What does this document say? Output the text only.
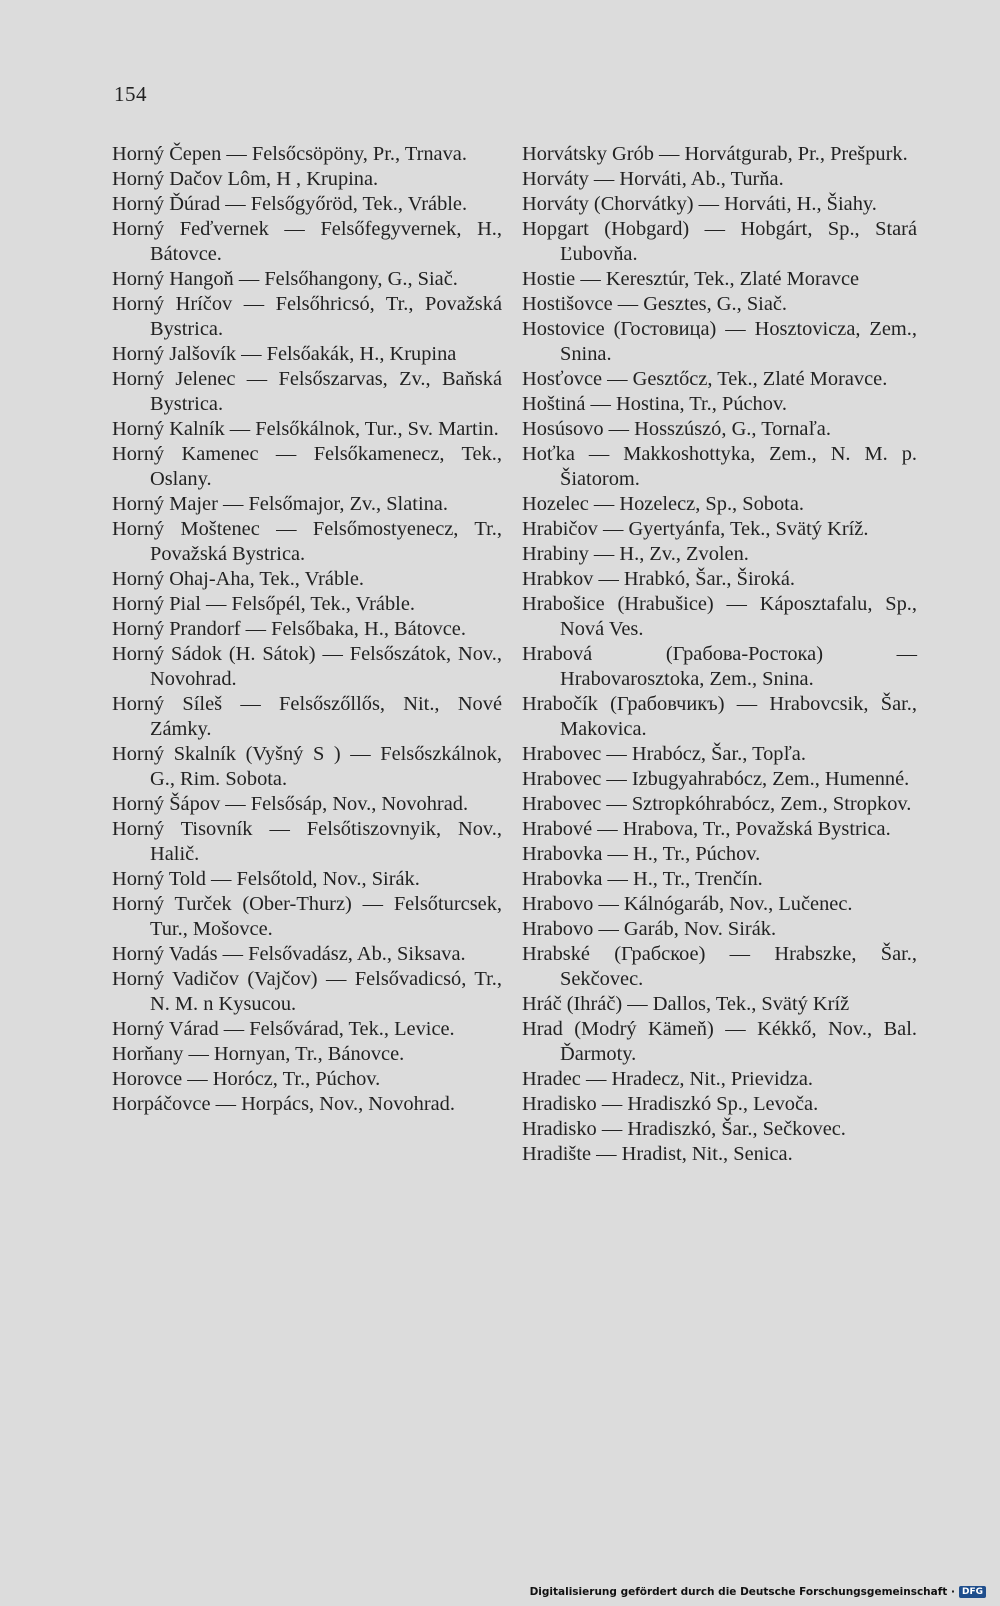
154

Horný Čepen — Felsőcsöpöny, Pr., Trnava.

Horný Dačov Lôm, H , Krupina.

Horný Ďúrad — Felsőgyőröd, Tek., Vráble.

Horný Feďvernek — Felsőfegyvernek, H., Bátovce.

Horný Hangoň — Felsőhangony, G., Siač.

Horný Hríčov — Felsőhricsó, Tr., Považská Bystrica.

Horný Jalšovík — Felsőakák, H., Krupina

Horný Jelenec — Felsőszarvas, Zv., Baňská Bystrica.

Horný Kalník — Felsőkálnok, Tur., Sv. Martin.

Horný Kamenec — Felsőkamenecz, Tek., Oslany.

Horný Majer — Felsőmajor, Zv., Slatina.

Horný Moštenec — Felsőmostyenecz, Tr., Považská Bystrica.

Horný Ohaj-Aha, Tek., Vráble.

Horný Pial — Felsőpél, Tek., Vráble.

Horný Prandorf — Felsőbaka, H., Bátovce.

Horný Sádok (H. Sátok) — Felsőszátok, Nov., Novohrad.

Horný Síleš — Felsőszőllős, Nit., Nové Zámky.

Horný Skalník (Vyšný S ) — Felsőszkálnok, G., Rim. Sobota.

Horný Šápov — Felsősáp, Nov., Novohrad.

Horný Tisovník — Felsőtiszovnyik, Nov., Halič.

Horný Told — Felsőtold, Nov., Sirák.

Horný Turček (Ober-Thurz) — Felsőturcsek, Tur., Mošovce.

Horný Vadás — Felsővadász, Ab., Siksava.

Horný Vadičov (Vajčov) — Felsővadicsó, Tr., N. M. n Kysucou.

Horný Várad — Felsővárad, Tek., Levice.

Horňany — Hornyan, Tr., Bánovce.

Horovce — Horócz, Tr., Púchov.

Horpáčovce — Horpács, Nov., Novohrad.

Horvátsky Grób — Horvátgurab, Pr., Prešpurk.

Horváty — Horváti, Ab., Turňa.

Horváty (Chorvátky) — Horváti, H., Šiahy.

Hopgart (Hobgard) — Hobgárt, Sp., Stará Ľubovňa.

Hostie — Keresztúr, Tek., Zlaté Moravce

Hostišovce — Gesztes, G., Siač.

Hostovice (Гостовица) — Hosztovicza, Zem., Snina.

Hosťovce — Gesztőcz, Tek., Zlaté Moravce.

Hoštiná — Hostina, Tr., Púchov.

Hosúsovo — Hosszúszó, G., Tornaľa.

Hoťka — Makkoshottyka, Zem., N. M. p. Šiatorom.

Hozelec — Hozelecz, Sp., Sobota.

Hrabičov — Gyertyánfa, Tek., Svätý Kríž.

Hrabiny — H., Zv., Zvolen.

Hrabkov — Hrabkó, Šar., Široká.

Hrabošice (Hrabušice) — Káposztafalu, Sp., Nová Ves.

Hrabová (Грабова-Ростока) — Hrabovarosztoka, Zem., Snina.

Hrabočík (Грабовчикъ) — Hrabovcsik, Šar., Makovica.

Hrabovec — Hrabócz, Šar., Topľa.

Hrabovec — Izbugyahrabócz, Zem., Humenné.

Hrabovec — Sztropkóhrabócz, Zem., Stropkov.

Hrabové — Hrabova, Tr., Považská Bystrica.

Hrabovka — H., Tr., Púchov.

Hrabovka — H., Tr., Trenčín.

Hrabovo — Kálnógaráb, Nov., Lučenec.

Hrabovo — Garáb, Nov. Sirák.

Hrabské (Грабское) — Hrabszke, Šar., Sekčovec.

Hráč (Ihráč) — Dallos, Tek., Svätý Kríž

Hrad (Modrý Kämeň) — Kékkő, Nov., Bal. Ďarmoty.

Hradec — Hradecz, Nit., Prievidza.

Hradisko — Hradiszkó Sp., Levoča.

Hradisko — Hradiszkó, Šar., Sečkovec.

Hradište — Hradist, Nit., Senica.

Digitalisierung gefördert durch die Deutsche Forschungsgemeinschaft · DFG
